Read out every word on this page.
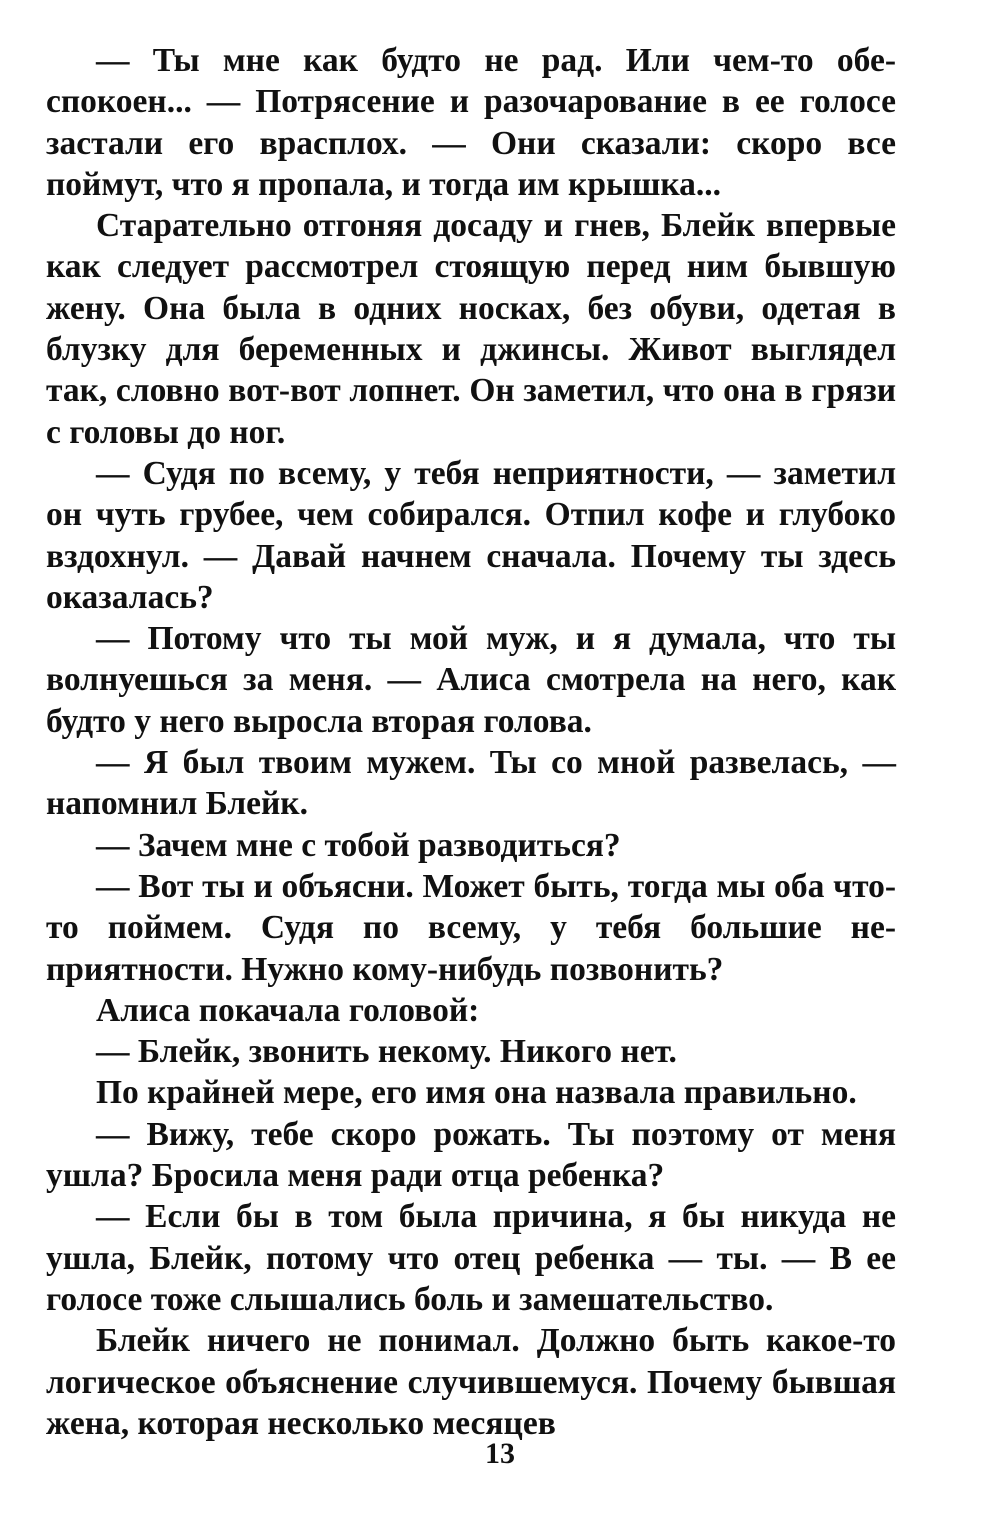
— Ты мне как будто не рад. Или чем-то обеспокоен... — Потрясение и разочарование в ее голосе застали его врасплох. — Они сказали: скоро все поймут, что я пропала, и тогда им крышка...

Старательно отгоняя досаду и гнев, Блейк впервые как следует рассмотрел стоящую перед ним бывшую жену. Она была в одних носках, без обуви, одетая в блузку для беременных и джинсы. Живот выглядел так, словно вот-вот лопнет. Он заметил, что она в грязи с головы до ног.

— Судя по всему, у тебя неприятности, — заметил он чуть грубее, чем собирался. Отпил кофе и глубоко вздохнул. — Давай начнем сначала. Почему ты здесь оказалась?

— Потому что ты мой муж, и я думала, что ты волнуешься за меня. — Алиса смотрела на него, как будто у него выросла вторая голова.

— Я был твоим мужем. Ты со мной развелась, — напомнил Блейк.

— Зачем мне с тобой разводиться?

— Вот ты и объясни. Может быть, тогда мы оба что-то поймем. Судя по всему, у тебя большие неприятности. Нужно кому-нибудь позвонить?

Алиса покачала головой:

— Блейк, звонить некому. Никого нет.

По крайней мере, его имя она назвала правильно.

— Вижу, тебе скоро рожать. Ты поэтому от меня ушла? Бросила меня ради отца ребенка?

— Если бы в том была причина, я бы никуда не ушла, Блейк, потому что отец ребенка — ты. — В ее голосе тоже слышались боль и замешательство.

Блейк ничего не понимал. Должно быть какое-то логическое объяснение случившемуся. Почему бывшая жена, которая несколько месяцев

13
